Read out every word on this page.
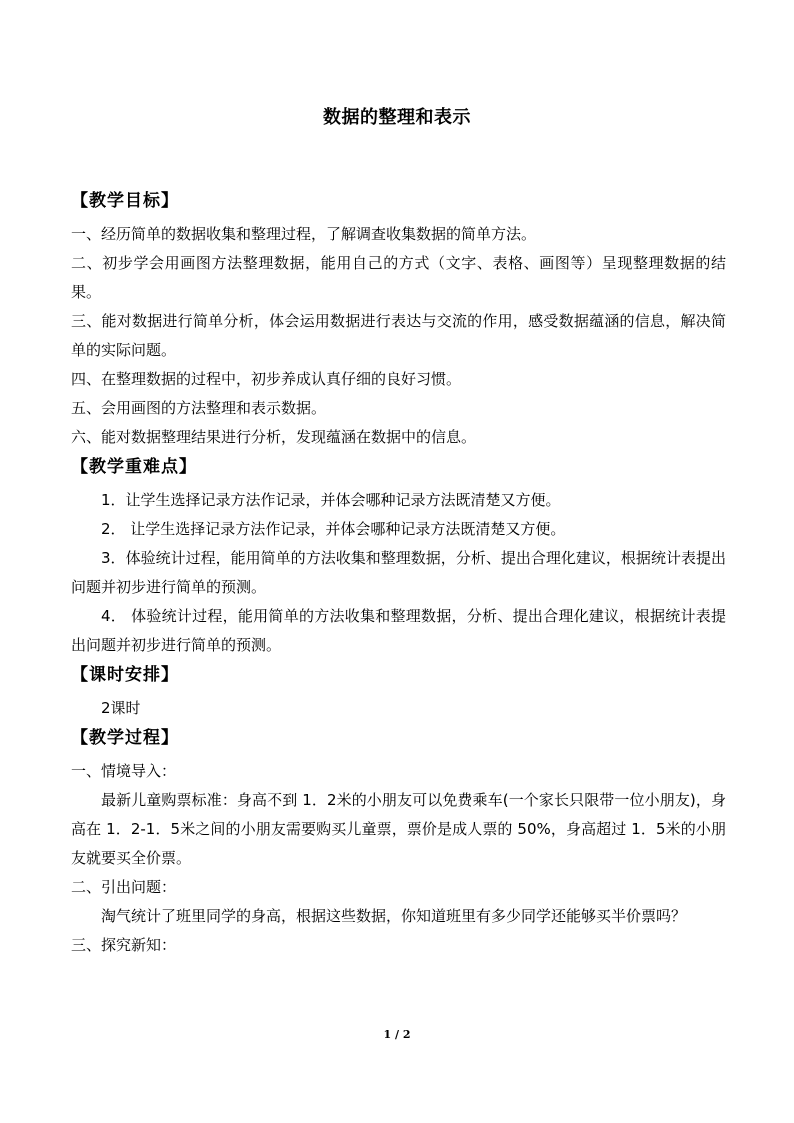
数据的整理和表示

【教学目标】

一、经历简单的数据收集和整理过程，了解调查收集数据的简单方法。

二、初步学会用画图方法整理数据，能用自己的方式（文字、表格、画图等）呈现整理数据的结果。

三、能对数据进行简单分析，体会运用数据进行表达与交流的作用，感受数据蕴涵的信息，解决简单的实际问题。

四、在整理数据的过程中，初步养成认真仔细的良好习惯。

五、会用画图的方法整理和表示数据。

六、能对数据整理结果进行分析，发现蕴涵在数据中的信息。

【教学重难点】

1．让学生选择记录方法作记录，并体会哪种记录方法既清楚又方便。

2． 让学生选择记录方法作记录，并体会哪种记录方法既清楚又方便。

3．体验统计过程，能用简单的方法收集和整理数据，分析、提出合理化建议，根据统计表提出问题并初步进行简单的预测。

4． 体验统计过程，能用简单的方法收集和整理数据，分析、提出合理化建议，根据统计表提出问题并初步进行简单的预测。

【课时安排】

2课时

【教学过程】

一、情境导入：

最新儿童购票标准：身高不到 1．2米的小朋友可以免费乘车(一个家长只限带一位小朋友)，身高在 1．2-1．5米之间的小朋友需要购买儿童票，票价是成人票的 50%，身高超过 1．5米的小朋友就要买全价票。

二、引出问题：

淘气统计了班里同学的身高，根据这些数据，你知道班里有多少同学还能够买半价票吗？

三、探究新知：

1 / 2
